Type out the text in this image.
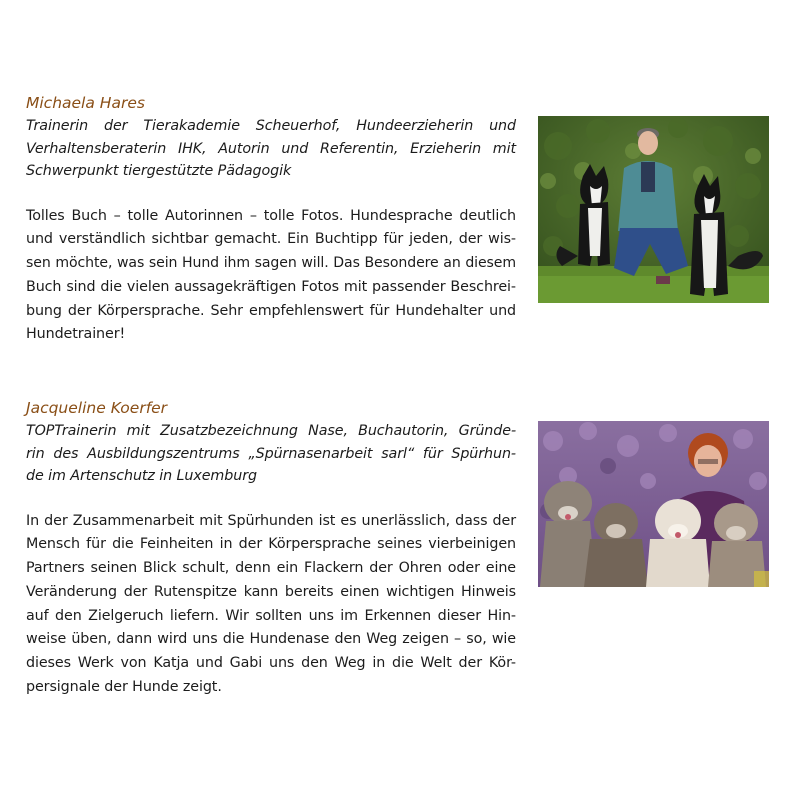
Michaela Hares
Trainerin der Tierakademie Scheuerhof, Hundeerzieherin und
Verhaltensberaterin IHK, Autorin und Referentin, Erzieherin mit
Schwerpunkt tiergestützte Pädagogik
Tolles Buch – tolle Autorinnen – tolle Fotos. Hundesprache deutlich
und verständlich sichtbar gemacht. Ein Buchtipp für jeden, der wis-
sen möchte, was sein Hund ihm sagen will. Das Besondere an diesem
Buch sind die vielen aussagekräftigen Fotos mit passender Beschrei-
bung der Körpersprache. Sehr empfehlenswert für Hundehalter und
Hundetrainer!
Jacqueline Koerfer
TOPTrainerin mit Zusatzbezeichnung Nase, Buchautorin, Gründe-
rin des Ausbildungszentrums „Spürnasenarbeit sarl“ für Spürhun-
de im Artenschutz in Luxemburg
In der Zusammenarbeit mit Spürhunden ist es unerlässlich, dass der
Mensch für die Feinheiten in der Körpersprache seines vierbeinigen
Partners seinen Blick schult, denn ein Flackern der Ohren oder eine
Veränderung der Rutenspitze kann bereits einen wichtigen Hinweis
auf den Zielgeruch liefern. Wir sollten uns im Erkennen dieser Hin-
weise üben, dann wird uns die Hundenase den Weg zeigen – so, wie
dieses Werk von Katja und Gabi uns den Weg in die Welt der Kör-
persignale der Hunde zeigt.
